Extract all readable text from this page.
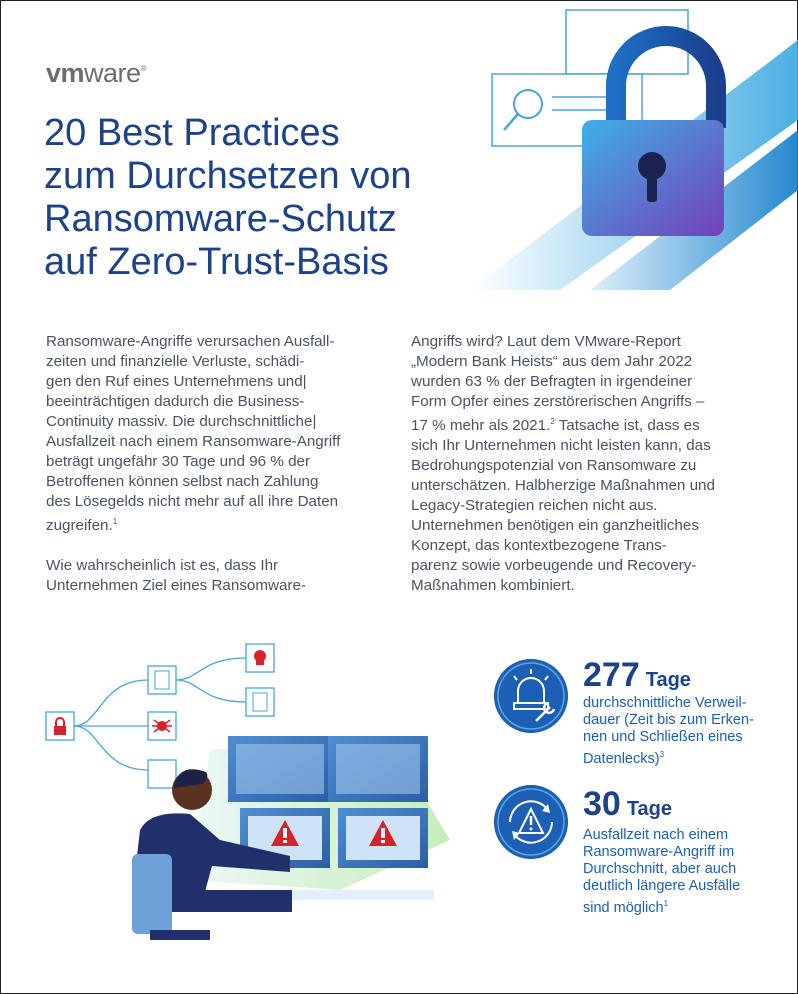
vmware®
20 Best Practices
zum Durchsetzen von
Ransomware-Schutz
auf Zero-Trust-Basis

Ransomware-Angriffe verursachen Ausfall-
zeiten und finanzielle Verluste, schädi-
gen den Ruf eines Unternehmens und|
beeinträchtigen dadurch die Business-
Continuity massiv. Die durchschnittliche|
Ausfallzeit nach einem Ransomware-Angriff
beträgt ungefähr 30 Tage und 96 % der
Betroffenen können selbst nach Zahlung
des Lösegelds nicht mehr auf all ihre Daten
zugreifen.$^1$

Wie wahrscheinlich ist es, dass Ihr
Unternehmen Ziel eines Ransomware-

Angriffs wird? Laut dem VMware-Report
„Modern Bank Heists“ aus dem Jahr 2022
wurden 63 % der Befragten in irgendeiner
Form Opfer eines zerstörerischen Angriffs –
17 % mehr als 2021.$^2$ Tatsache ist, dass es
sich Ihr Unternehmen nicht leisten kann, das
Bedrohungspotenzial von Ransomware zu
unterschätzen. Halbherzige Maßnahmen und
Legacy-Strategien reichen nicht aus.
Unternehmen benötigen ein ganzheitliches
Konzept, das kontextbezogene Trans-
parenz sowie vorbeugende und Recovery-
Maßnahmen kombiniert.

277 Tage
durchschnittliche Verweil-
dauer (Zeit bis zum Erken-
nen und Schließen eines
Datenlecks)$^3$
30 Tage
Ausfallzeit nach einem
Ransomware-Angriff im
Durchschnitt, aber auch
deutlich längere Ausfälle
sind möglich$^1$
